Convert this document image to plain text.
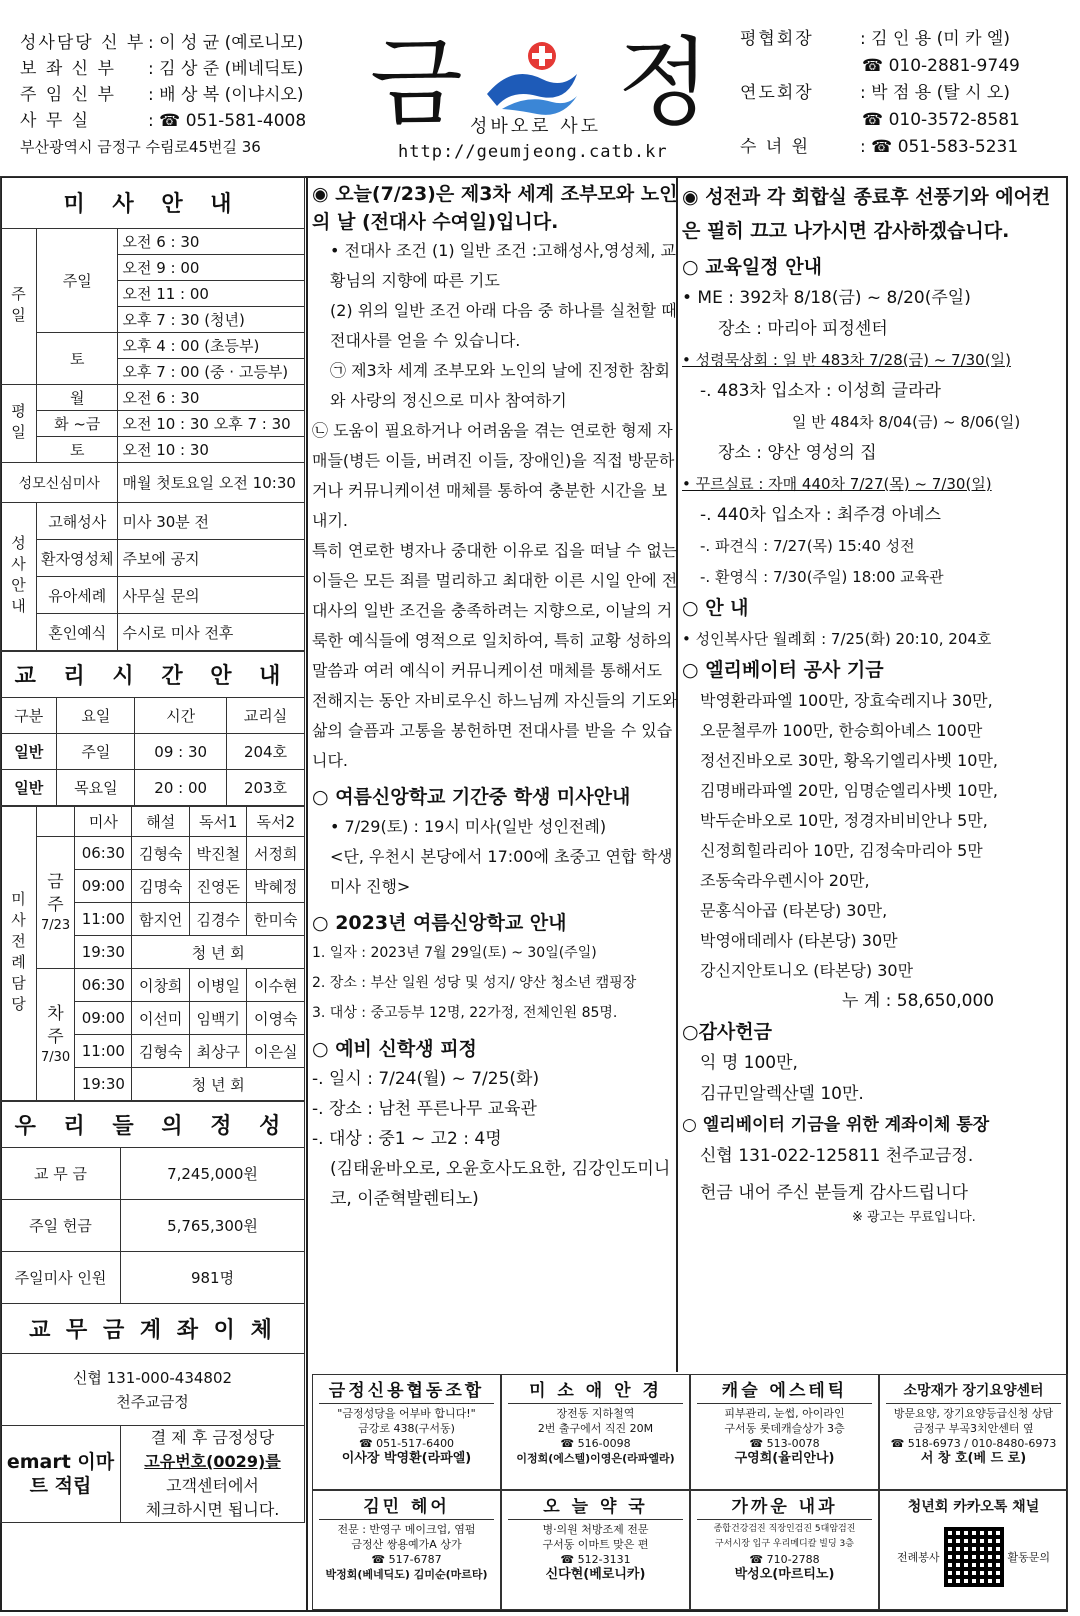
성사담당 신 부 : 이 성 균 (예로니모)
보 좌 신 부	: 김 상 준 (베네딕토)
주 임 신 부	: 배 상 복 (이냐시오)
사 무 실	: ☎ 051-581-4008
부산광역시 금정구 수림로45번길 36
금 정
성바오로 사도
http://geumjeong.catb.kr
평협회장	: 김 인 용 (미 카 엘)
☎ 010-2881-9749
연도회장	: 박 점 용 (탈 시 오)
☎ 010-3572-8581
수 녀 원	: ☎ 051-583-5231
미 사 안 내		
주일	주일	오전 6 : 30
		오전 9 : 00
		오전 11 : 00
		오후 7 : 30 (청년)
	토	오후 4 : 00 (초등부)
		오후 7 : 00 (중 · 고등부)
평일	월	오전 6 : 30
	화 ~금	오전 10 : 30 오후 7 : 30
	토	오전 10 : 30
성모신심미사		매월 첫토요일 오전 10:30
성사안내	고해성사	미사 30분 전
	환자영성체	주보에 공지
	유아세례	사무실 문의
	혼인예식	수시로 미사 전후
교 리 시 간 안 내			
구분	요일	시간	교리실
일반	주일	09 : 30	204호
일반	목요일	20 : 00	203호
미사전례담당		미사	해설	독서1	독서2

	금주
7/23	06:30	김형숙	박진철	서정희
		09:00	김명숙	진영돈	박혜정
		11:00	함지언	김경수	한미숙
		19:30	청 년 회		

	차주
7/30	06:30	이창희	이병일	이수현
		09:00	이선미	임백기	이영숙
		11:00	김형숙	최상구	이은실
		19:30	청 년 회		
우 리 들 의 정 성	
교 무 금	7,245,000원
주일 헌금	5,765,300원
주일미사 인원	981명
교 무 금 계 좌 이 체	

신협 131-000-434802
천주교금정	

emart 이마트 적립	결 제 후 금정성당
고유번호(0029)를
고객센터에서
체크하시면 됩니다.
◉ 오늘(7/23)은 제3차 세계 조부모와 노인의 날 (전대사 수여일)입니다.
• 전대사 조건 (1) 일반 조건 :고해성사,영성체, 교황님의 지향에 따른 기도
(2) 위의 일반 조건 아래 다음 중 하나를 실천할 때 전대사를 얻을 수 있습니다.
㉠ 제3차 세계 조부모와 노인의 날에 진정한 참회와 사랑의 정신으로 미사 참여하기
㉡ 도움이 필요하거나 어려움을 겪는 연로한 형제 자매들(병든 이들, 버려진 이들, 장애인)을 직접 방문하거나 커뮤니케이션 매체를 통하여 충분한 시간을 보내기.
특히 연로한 병자나 중대한 이유로 집을 떠날 수 없는 이들은 모든 죄를 멀리하고 최대한 이른 시일 안에 전대사의 일반 조건을 충족하려는 지향으로, 이날의 거룩한 예식들에 영적으로 일치하여, 특히 교황 성하의 말씀과 여러 예식이 커뮤니케이션 매체를 통해서도 전해지는 동안 자비로우신 하느님께 자신들의 기도와 삶의 슬픔과 고통을 봉헌하면 전대사를 받을 수 있습니다.
○ 여름신앙학교 기간중 학생 미사안내
• 7/29(토) : 19시 미사(일반 성인전례)
<단, 우천시 본당에서 17:00에 초중고 연합 학생 미사 진행>
○ 2023년 여름신앙학교 안내
1. 일자 : 2023년 7월 29일(토) ~ 30일(주일)
2. 장소 : 부산 일원 성당 및 성지/ 양산 청소년 캠핑장
3. 대상 : 중고등부 12명, 22가정, 전체인원 85명.
○ 예비 신학생 피정
-. 일시 : 7/24(월) ~ 7/25(화)
-. 장소 : 남천 푸른나무 교육관
-. 대상 : 중1 ~ 고2 : 4명
(김태윤바오로, 오윤호사도요한, 김강인도미니코, 이준혁발렌티노)
◉ 성전과 각 회합실 종료후 선풍기와 에어컨은 필히 끄고 나가시면 감사하겠습니다.
○ 교육일정 안내
• ME : 392차 8/18(금) ~ 8/20(주일)
장소 : 마리아 피정센터
• 성령묵상회 : 일 반 483차 7/28(금) ~ 7/30(일)
-. 483차 입소자 : 이성희 글라라
일 반 484차 8/04(금) ~ 8/06(일)
장소 : 양산 영성의 집
• 꾸르실료 : 자매 440차 7/27(목) ~ 7/30(일)
-. 440차 입소자 : 최주경 아녜스
-. 파견식 : 7/27(목) 15:40 성전
-. 환영식 : 7/30(주일) 18:00 교육관
○ 안 내
• 성인복사단 월례회 : 7/25(화) 20:10, 204호
○ 엘리베이터 공사 기금
박영환라파엘 100만, 장효숙레지나 30만,
오문철루까 100만, 한승희아녜스 100만
정선진바오로 30만, 황옥기엘리사벳 10만,
김명배라파엘 20만, 임명순엘리사벳 10만,
박두순바오로 10만, 정경자비비안나 5만,
신정희힐라리아 10만, 김정숙마리아 5만
조동숙라우렌시아 20만,
문홍식아곱 (타본당) 30만,
박영애데레사 (타본당) 30만
강신지안토니오 (타본당) 30만
누 계 : 58,650,000
○감사헌금
익 명 100만,
김규민알렉산델 10만.
○ 엘리베이터 기금을 위한 계좌이체 통장
신협 131-022-125811 천주교금정.
헌금 내어 주신 분들게 감사드립니다
※ 광고는 무료입니다.
금정신용협동조합
"금정성당을 어부바 합니다!"
금강로 438(구서동)
☎ 051-517-6400
이사장 박영환(라파엘)
미 소 애 안 경
장전동 지하철역
2번 출구에서 직진 20M
☎ 516-0098
이정희(에스텔)이영은(라파엘라)
캐슬 에스테틱
피부관리, 눈썹, 아이라인
구서동 롯데캐슬상가 3층
☎ 513-0078
구영희(율리안나)
소망재가 장기요양센터
방문요양, 장기요양등급신청 상담
금정구 부곡3치안센터 옆
☎ 518-6973 / 010-8480-6973
서 창 호(베 드 로)
김민 헤어
전문 : 반영구 메이크업, 염펌
금정산 쌍용예가A 상가
☎ 517-6787
박정회(베네딕도) 김미순(마르타)
오 늘 약 국
병·의원 처방조제 전문
구서동 이마트 맞은 편
☎ 512-3131
신다현(베로니카)
가까운 내과
종합건강검진 직장인검진 5대암검진
구서시장 입구 우리메디칼 빌딩 3층
☎ 710-2788
박성오(마르티노)
청년회 카카오톡 채널
전례봉사	활동문의
